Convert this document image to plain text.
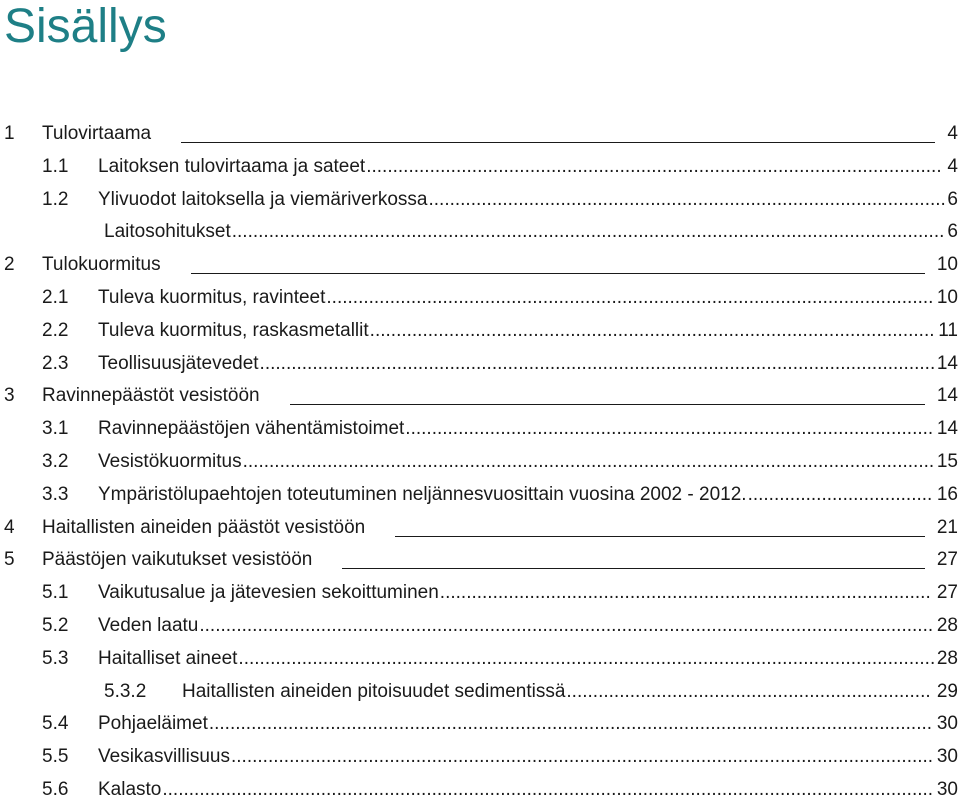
Sisällys
1 Tulovirtaama	4
1.1 Laitoksen tulovirtaama ja sateet	4
.............................................................................................................
1.2 Ylivuodot laitoksella ja viemäriverkossa	6
..................................................................................................
Laitosohitukset	6
.......................................................................................................................................
2 Tulokuormitus	10
2.1 Tuleva kuormitus, ravinteet	10
...................................................................................................................
2.2 Tuleva kuormitus, raskasmetallit	11
...........................................................................................................
2.3 Teollisuusjätevedet	14
................................................................................................................................
3 Ravinnepäästöt vesistöön	14
3.1 Ravinnepäästöjen vähentämistoimet	14
....................................................................................................
3.2 Vesistökuormitus	15
...................................................................................................................................
3.3 Ympäristölupaehtojen toteutuminen neljännesvuosittain vuosina 2002 - 2012.	16
...................................
4 Haitallisten aineiden päästöt vesistöön	21
5 Päästöjen vaikutukset vesistöön	27
5.1 Vaikutusalue ja jätevesien sekoittuminen	27
.............................................................................................
5.2 Veden laatu	28
...........................................................................................................................................
5.3 Haitalliset aineet	28
....................................................................................................................................
5.3.2 Haitallisten aineiden pitoisuudet sedimentissä	29
.....................................................................
5.4 Pohjaeläimet	30
.........................................................................................................................................
5.5 Vesikasvillisuus	30
.....................................................................................................................................
5.6 Kalasto	30
..................................................................................................................................................
